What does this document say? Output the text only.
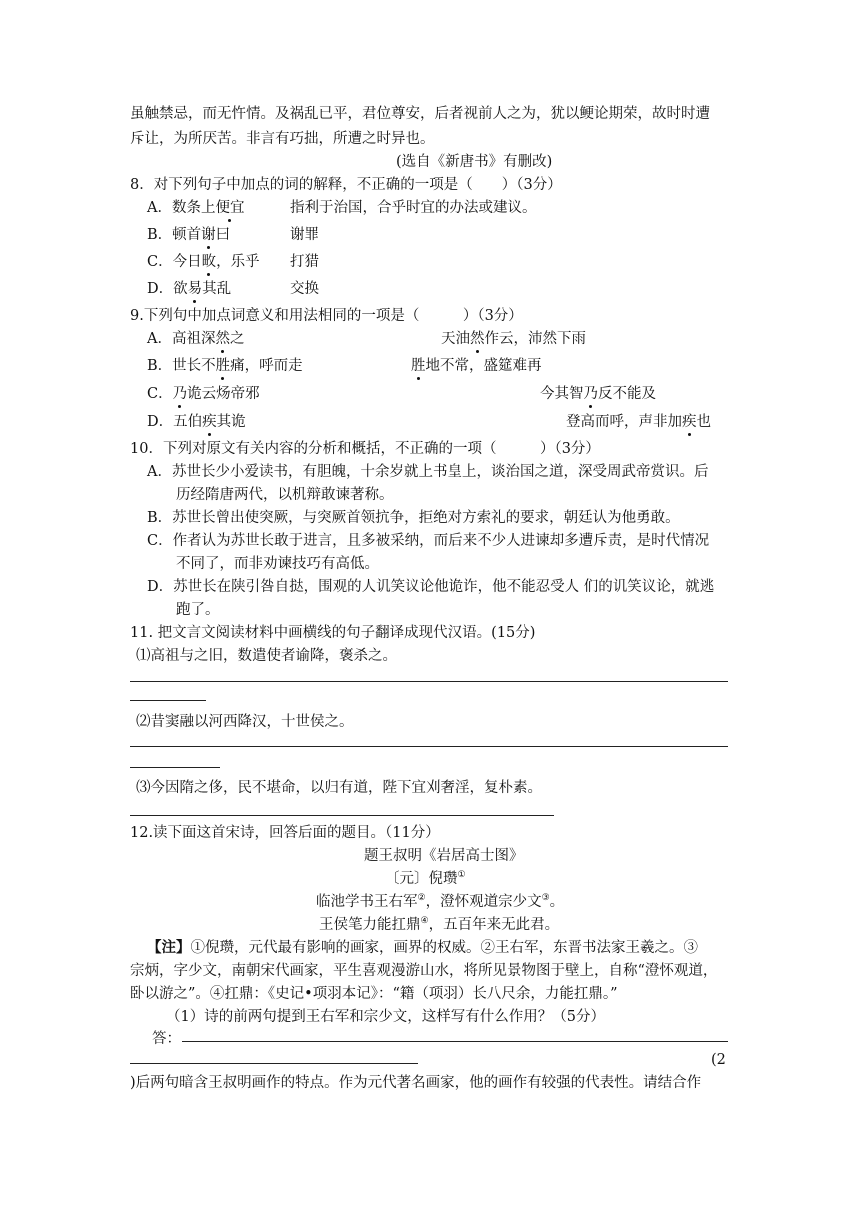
虽触禁忌，而无忤情。及祸乱已平，君位尊安，后者视前人之为，犹以鲠论期荣，故时时遭
斥让，为所厌苦。非言有巧拙，所遭之时异也。
(选自《新唐书》有删改)
8．对下列句子中加点的词的解释，不正确的一项是（　　）（3分）
A．数条上便宜	指利于治国，合乎时宜的办法或建议。
B．顿首谢曰	谢罪
C．今日畋，乐乎 打猎
D．欲易其乱	交换
9.下列句中加点词意义和用法相同的一项是（　　　）（3分）
A．高祖深然之	天油然作云，沛然下雨
B．世长不胜痛，呼而走	胜地不常，盛筵难再
C．乃诡云炀帝邪	今其智乃反不能及
D．五伯疾其诡	登高而呼，声非加疾也
10．下列对原文有关内容的分析和概括，不正确的一项（　　　）（3分）
A．苏世长少小爱读书，有胆魄，十余岁就上书皇上，谈治国之道，深受周武帝赏识。后
历经隋唐两代，以机辩敢谏著称。
B．苏世长曾出使突厥，与突厥首领抗争，拒绝对方索礼的要求，朝廷认为他勇敢。
C．作者认为苏世长敢于进言，且多被采纳，而后来不少人进谏却多遭斥责，是时代情况
不同了，而非劝谏技巧有高低。
D．苏世长在陕引咎自挞，围观的人讥笑议论他诡诈，他不能忍受人 们的讥笑议论，就逃
跑了。
11. 把文言文阅读材料中画横线的句子翻译成现代汉语。(15分)
⑴高祖与之旧，数遣使者谕降，褒杀之。
⑵昔窦融以河西降汉，十世侯之。
⑶今因隋之侈，民不堪命，以归有道，陛下宜刈奢淫，复朴素。
12.读下面这首宋诗，回答后面的题目。（11分）
题王叔明《岩居高士图》
〔元〕倪瓒①
临池学书王右军②，澄怀观道宗少文③。
王侯笔力能扛鼎④，五百年来无此君。
【注】①倪瓒，元代最有影响的画家，画界的权威。②王右军，东晋书法家王羲之。③
宗炳，字少文，南朝宋代画家，平生喜观漫游山水，将所见景物图于壁上，自称“澄怀观道，
卧以游之”。④扛鼎：《史记•项羽本记》：“籍（项羽）长八尺余，力能扛鼎。”
（1）诗的前两句提到王右军和宗少文，这样写有什么作用？（5分）
答：
(2
)后两句暗含王叔明画作的特点。作为元代著名画家，他的画作有较强的代表性。请结合作
